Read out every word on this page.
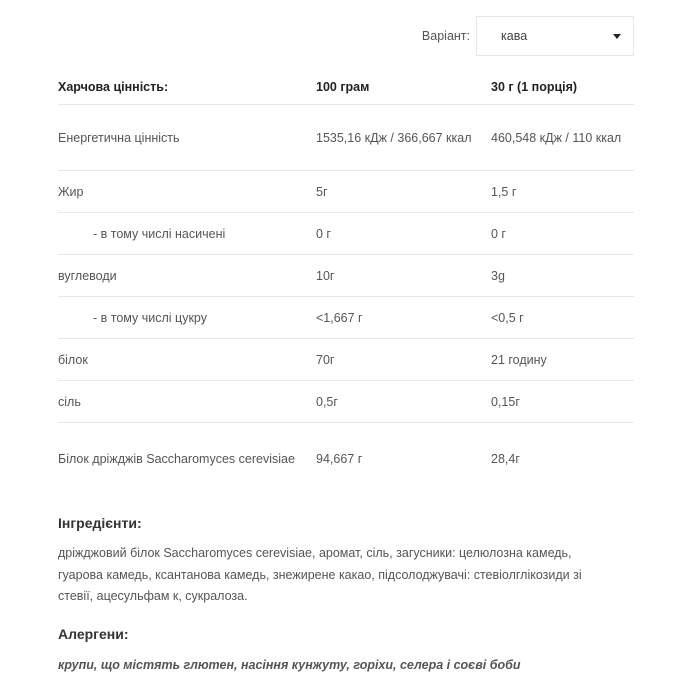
Варіант:	кава
Харчова цінність:	100 грам	30 г (1 порція)
Енергетична цінність	1535,16 кДж / 366,667 ккал	460,548 кДж / 110 ккал
Жир	5г	1,5 г
- в тому числі насичені	0 г	0 г
вуглеводи	10г	3g
- в тому числі цукру	<1,667 г	<0,5 г
білок	70г	21 годину
сіль	0,5г	0,15г
Білок дріжджів Saccharomyces cerevisiae	94,667 г	28,4г
Інгредієнти:
дріжджовий білок Saccharomyces cerevisiae, аромат, сіль, загусники: целюлозна камедь, гуарова камедь, ксантанова камедь, знежирене какао, підсолоджувачі: стевіолглікозиди зі стевії, ацесульфам к, сукралоза.
Алергени:
крупи, що містять глютен, насіння кунжуту, горіхи, селера і соєві боби
